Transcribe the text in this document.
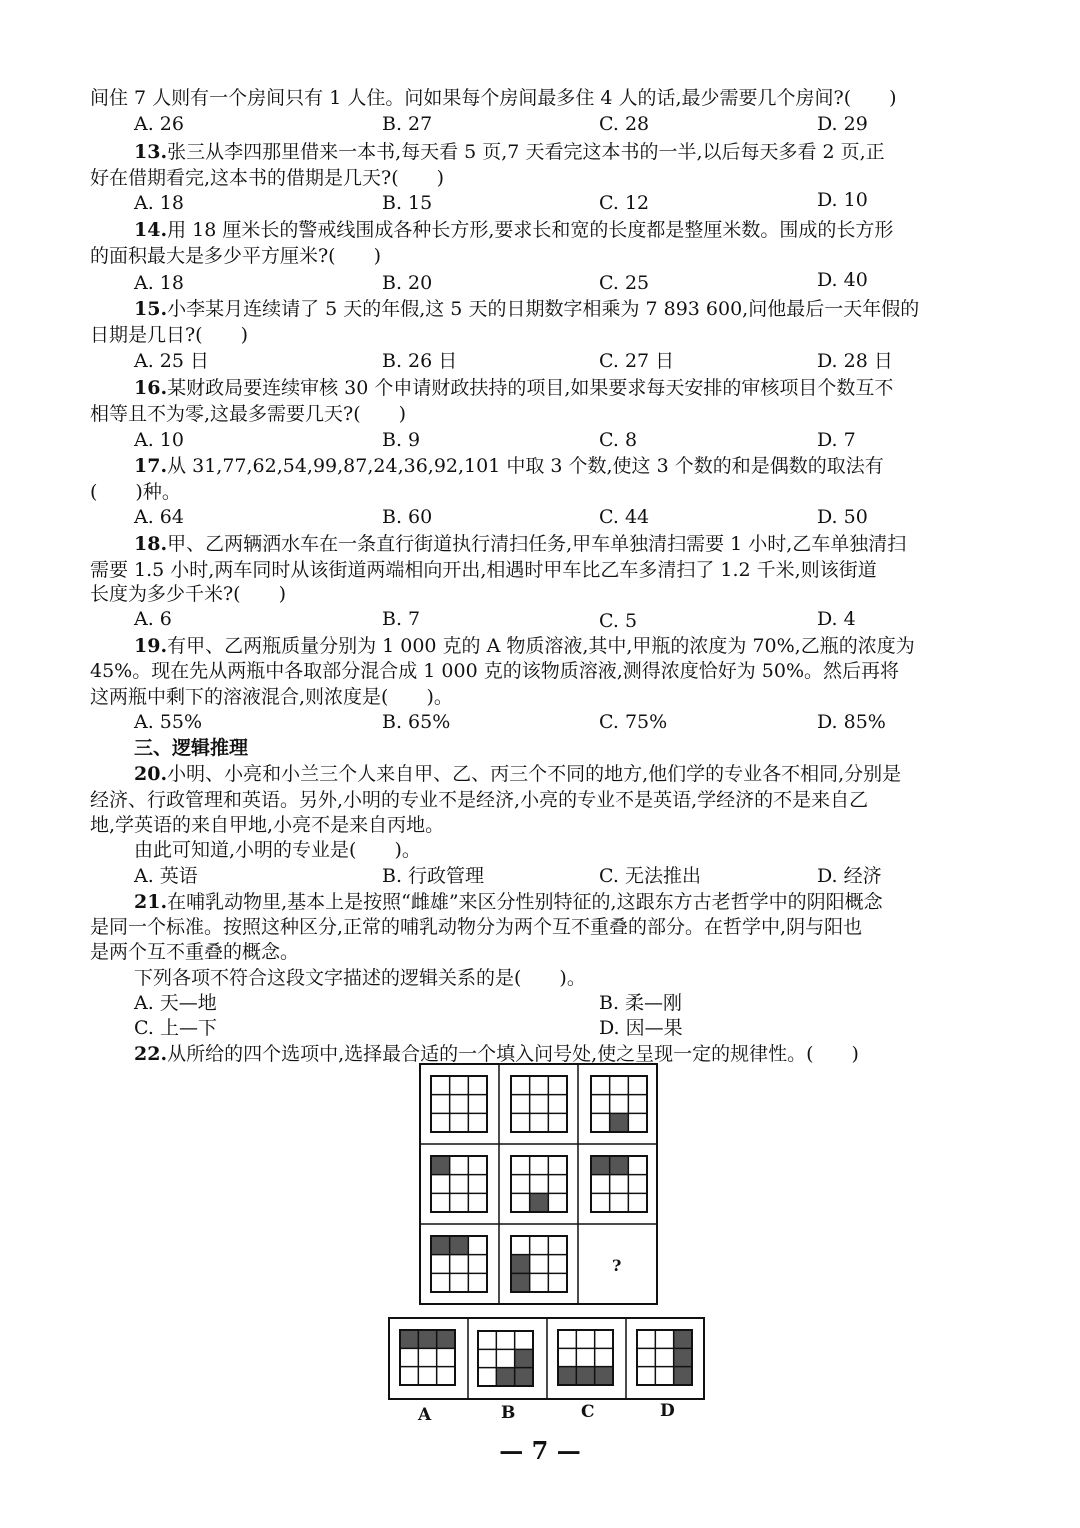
间住 7 人则有一个房间只有 1 人住。问如果每个房间最多住 4 人的话,最少需要几个房间?(　　)
A. 26	B. 27	C. 28	D. 29
13.张三从李四那里借来一本书,每天看 5 页,7 天看完这本书的一半,以后每天多看 2 页,正
好在借期看完,这本书的借期是几天?(　　)
A. 18	B. 15	C. 12	D. 10
14.用 18 厘米长的警戒线围成各种长方形,要求长和宽的长度都是整厘米数。围成的长方形
的面积最大是多少平方厘米?(　　)
A. 18	B. 20	C. 25	D. 40
15.小李某月连续请了 5 天的年假,这 5 天的日期数字相乘为 7 893 600,问他最后一天年假的
日期是几日?(　　)
A. 25 日	B. 26 日	C. 27 日	D. 28 日
16.某财政局要连续审核 30 个申请财政扶持的项目,如果要求每天安排的审核项目个数互不
相等且不为零,这最多需要几天?(　　)
A. 10	B. 9	C. 8	D. 7
17.从 31,77,62,54,99,87,24,36,92,101 中取 3 个数,使这 3 个数的和是偶数的取法有
(　　)种。
A. 64	B. 60	C. 44	D. 50
18.甲、乙两辆洒水车在一条直行街道执行清扫任务,甲车单独清扫需要 1 小时,乙车单独清扫
需要 1.5 小时,两车同时从该街道两端相向开出,相遇时甲车比乙车多清扫了 1.2 千米,则该街道
长度为多少千米?(　　)
A. 6	B. 7	C. 5	D. 4
19.有甲、乙两瓶质量分别为 1 000 克的 A 物质溶液,其中,甲瓶的浓度为 70%,乙瓶的浓度为
45%。现在先从两瓶中各取部分混合成 1 000 克的该物质溶液,测得浓度恰好为 50%。然后再将
这两瓶中剩下的溶液混合,则浓度是(　　)。
A. 55%	B. 65%	C. 75%	D. 85%
三、逻辑推理
20.小明、小亮和小兰三个人来自甲、乙、丙三个不同的地方,他们学的专业各不相同,分别是
经济、行政管理和英语。另外,小明的专业不是经济,小亮的专业不是英语,学经济的不是来自乙
地,学英语的来自甲地,小亮不是来自丙地。
由此可知道,小明的专业是(　　)。
A. 英语	B. 行政管理	C. 无法推出	D. 经济
21.在哺乳动物里,基本上是按照“雌雄”来区分性别特征的,这跟东方古老哲学中的阴阳概念
是同一个标准。按照这种区分,正常的哺乳动物分为两个互不重叠的部分。在哲学中,阴与阳也
是两个互不重叠的概念。
下列各项不符合这段文字描述的逻辑关系的是(　　)。
A. 天—地	B. 柔—刚
C. 上—下	D. 因—果
22.从所给的四个选项中,选择最合适的一个填入问号处,使之呈现一定的规律性。(　　)
?
A	B	C	D
— 7 —
